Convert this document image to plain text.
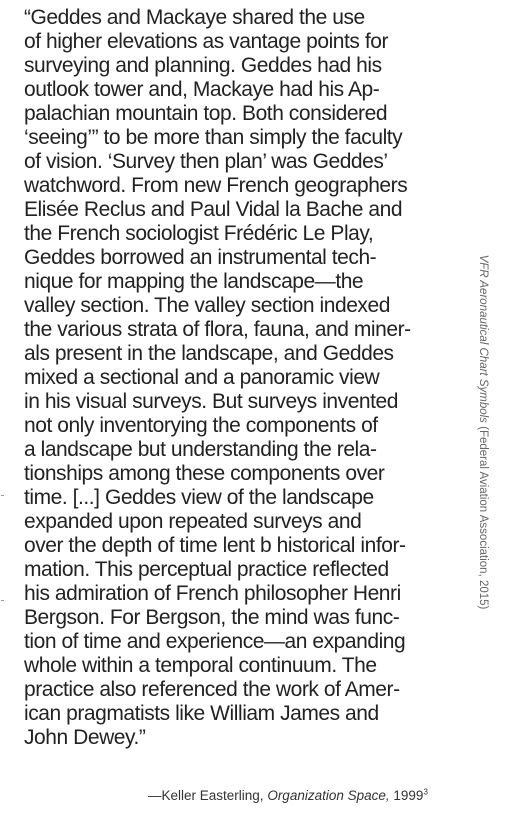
“Geddes and Mackaye shared the use
of higher elevations as vantage points for
surveying and planning. Geddes had his
outlook tower and, Mackaye had his Ap-
palachian mountain top. Both considered
‘seeing’” to be more than simply the faculty
of vision. ‘Survey then plan’ was Geddes’
watchword. From new French geographers
Elisée Reclus and Paul Vidal la Bache and
the French sociologist Frédéric Le Play,
Geddes borrowed an instrumental tech-
nique for mapping the landscape—the
valley section. The valley section indexed
the various strata of flora, fauna, and miner-
als present in the landscape, and Geddes
mixed a sectional and a panoramic view
in his visual surveys. But surveys invented
not only inventorying the components of
a landscape but understanding the rela-
tionships among these components over
time. [...] Geddes view of the landscape
expanded upon repeated surveys and
over the depth of time lent b historical infor-
mation. This perceptual practice reflected
his admiration of French philosopher Henri
Bergson. For Bergson, the mind was func-
tion of time and experience—an expanding
whole within a temporal continuum. The
practice also referenced the work of Amer-
ican pragmatists like William James and
John Dewey.”
—Keller Easterling, Organization Space, 1999$^3$
VFR Aeronautical Chart Symbols (Federal Aviation Association, 2015)
